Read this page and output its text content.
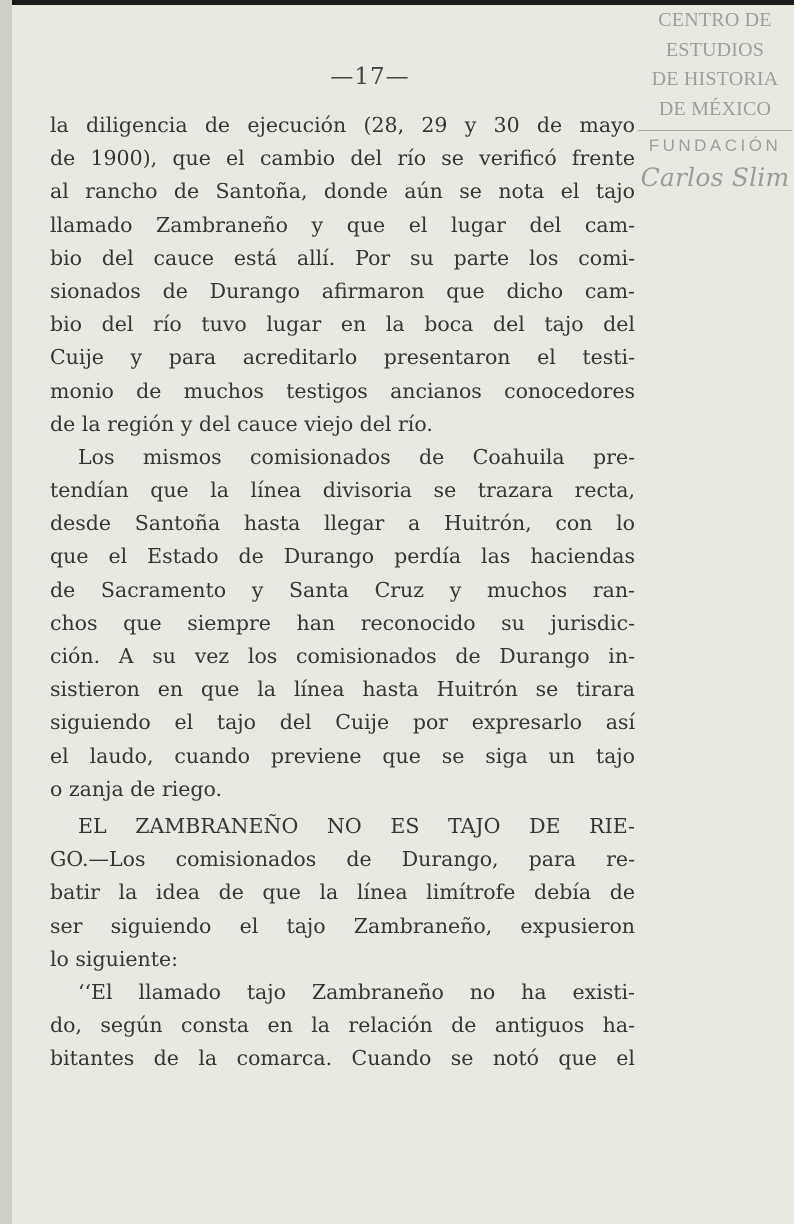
CENTRO DE
ESTUDIOS
DE HISTORIA
DE MÉXICO
FUNDACIÓN
Carlos Slim
—17—
la diligencia de ejecución (28, 29 y 30 de mayo
de 1900), que el cambio del río se verificó frente
al rancho de Santoña, donde aún se nota el tajo
llamado Zambraneño y que el lugar del cam-
bio del cauce está allí. Por su parte los comi-
sionados de Durango afirmaron que dicho cam-
bio del río tuvo lugar en la boca del tajo del
Cuije y para acreditarlo presentaron el testi-
monio de muchos testigos ancianos conocedores
de la región y del cauce viejo del río.
Los mismos comisionados de Coahuila pre-
tendían que la línea divisoria se trazara recta,
desde Santoña hasta llegar a Huitrón, con lo
que el Estado de Durango perdía las haciendas
de Sacramento y Santa Cruz y muchos ran-
chos que siempre han reconocido su jurisdic-
ción. A su vez los comisionados de Durango in-
sistieron en que la línea hasta Huitrón se tirara
siguiendo el tajo del Cuije por expresarlo así
el laudo, cuando previene que se siga un tajo
o zanja de riego.
EL ZAMBRANEÑO NO ES TAJO DE RIE-
GO.—Los comisionados de Durango, para re-
batir la idea de que la línea limítrofe debía de
ser siguiendo el tajo Zambraneño, expusieron
lo siguiente:
‘‘El llamado tajo Zambraneño no ha existi-
do, según consta en la relación de antiguos ha-
bitantes de la comarca. Cuando se notó que el
